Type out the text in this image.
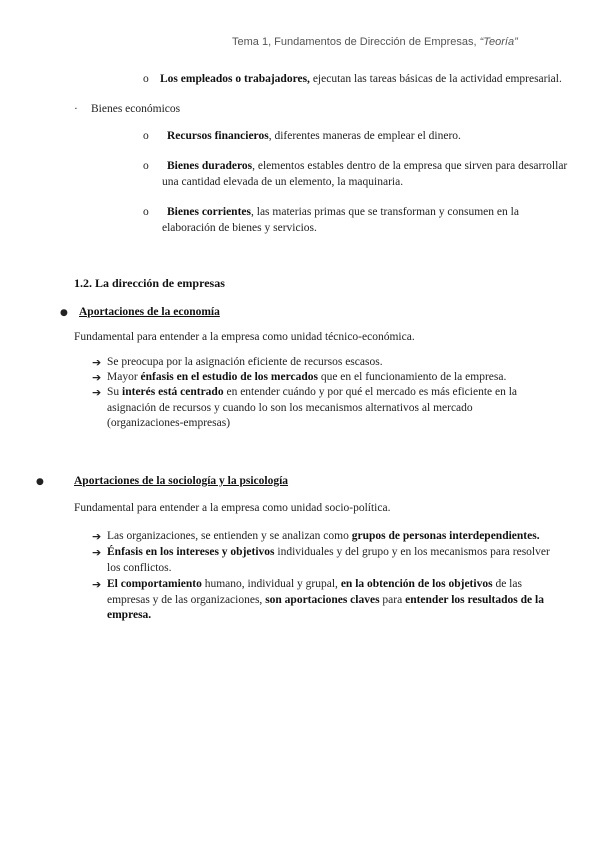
Tema 1, Fundamentos de Dirección de Empresas, “Teoría”
o Los empleados o trabajadores, ejecutan las tareas básicas de la actividad empresarial.
· Bienes económicos
o Recursos financieros, diferentes maneras de emplear el dinero.
o Bienes duraderos, elementos estables dentro de la empresa que sirven para desarrollar
una cantidad elevada de un elemento, la maquinaria.
o Bienes corrientes, las materias primas que se transforman y consumen en la
elaboración de bienes y servicios.
1.2. La dirección de empresas
● Aportaciones de la economía
Fundamental para entender a la empresa como unidad técnico-económica.
➔ Se preocupa por la asignación eficiente de recursos escasos.
➔ Mayor énfasis en el estudio de los mercados que en el funcionamiento de la empresa.
➔ Su interés está centrado en entender cuándo y por qué el mercado es más eficiente en la
asignación de recursos y cuando lo son los mecanismos alternativos al mercado
(organizaciones-empresas)
●	Aportaciones de la sociología y la psicología
Fundamental para entender a la empresa como unidad socio-política.
➔ Las organizaciones, se entienden y se analizan como grupos de personas interdependientes.
➔ Énfasis en los intereses y objetivos individuales y del grupo y en los mecanismos para resolver
los conflictos.
➔ El comportamiento humano, individual y grupal, en la obtención de los objetivos de las
empresas y de las organizaciones, son aportaciones claves para entender los resultados de la
empresa.
